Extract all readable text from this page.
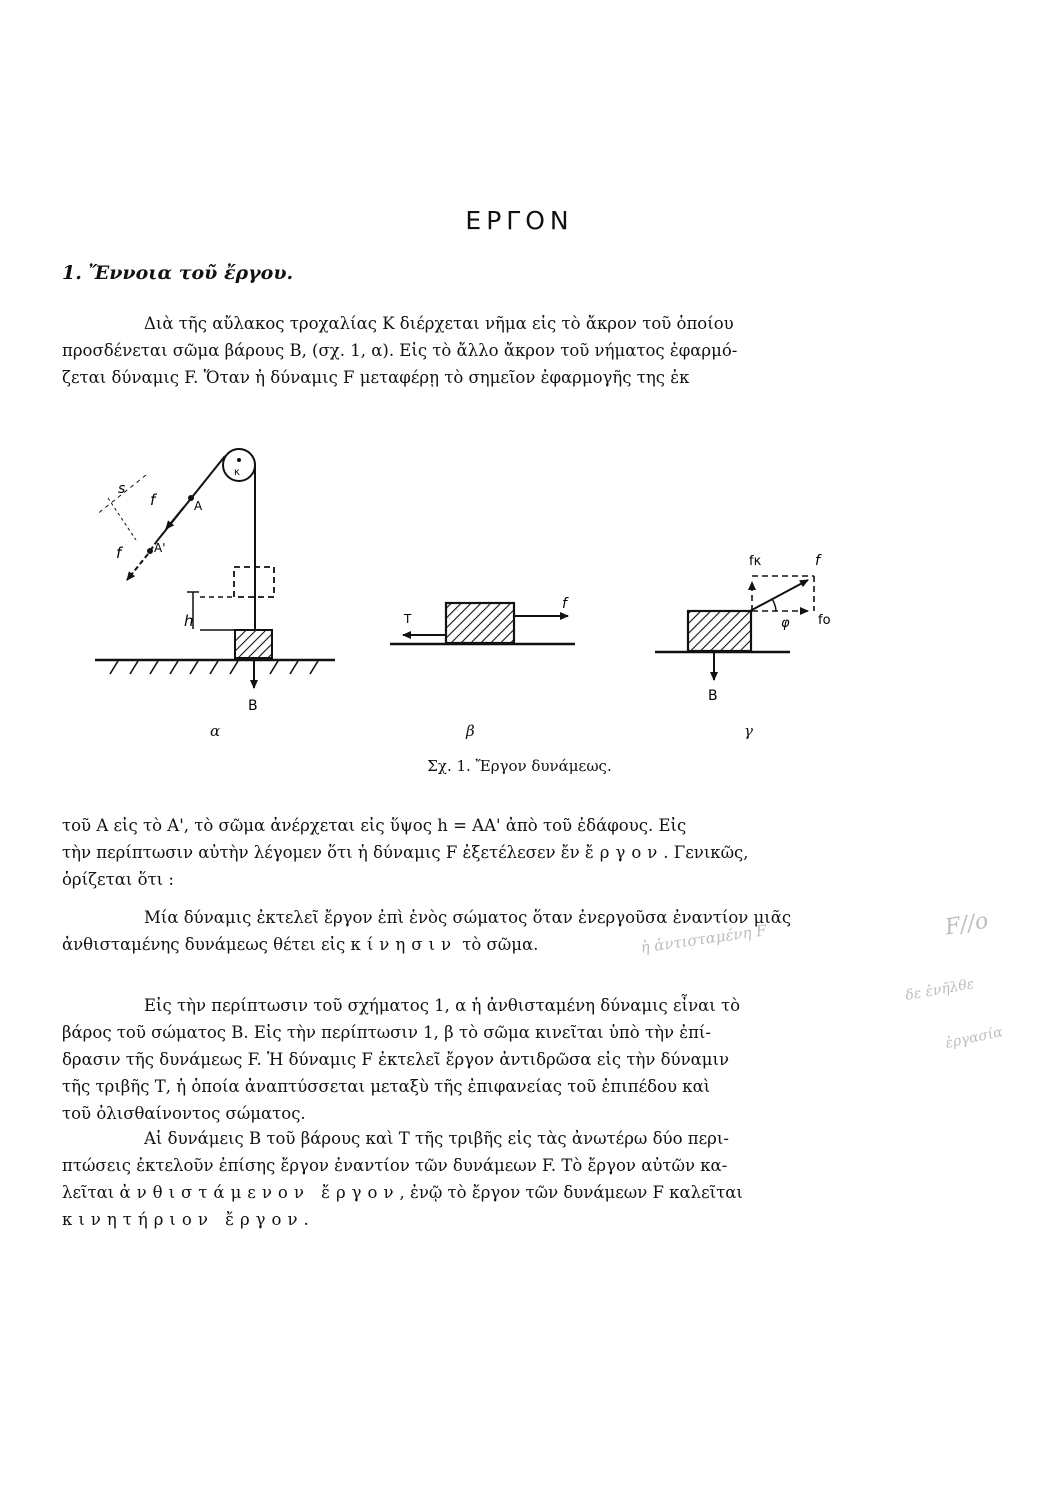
ΕΡΓΟΝ
1. Ἔννοια τοῦ ἔργου.
Διὰ τῆς αὔλακος τροχαλίας Κ διέρχεται νῆμα εἰς τὸ ἄκρον τοῦ ὁποίου
προσδένεται σῶμα βάρους Β, (σχ. 1, α). Εἰς τὸ ἄλλο ἄκρον τοῦ νήματος ἐφαρμό-
ζεται δύναμις F. Ὅταν ἡ δύναμις F μεταφέρῃ τὸ σημεῖον ἐφαρμογῆς της ἐκ
κ
Α
f
Α'
f
s
h
Β
Τ
f
f
fκ
fο
φ
Β
α	β	γ
Σχ. 1. Ἔργον δυνάμεως.
τοῦ Α εἰς τὸ Α', τὸ σῶμα ἀνέρχεται εἰς ὕψος h = ΑΑ' ἀπὸ τοῦ ἐδάφους. Εἰς
τὴν περίπτωσιν αὐτὴν λέγομεν ὅτι ἡ δύναμις F ἐξετέλεσεν ἔν ἔργον. Γενικῶς,
ὁρίζεται ὅτι :
Μία δύναμις ἐκτελεῖ ἔργον ἐπὶ ἑνὸς σώματος ὅταν ἐνεργοῦσα ἐναντίον μιᾶς
ἀνθισταμένης δυνάμεως θέτει εἰς κίνησιν τὸ σῶμα.
Εἰς τὴν περίπτωσιν τοῦ σχήματος 1, α ἡ ἀνθισταμένη δύναμις εἶναι τὸ
βάρος τοῦ σώματος Β. Εἰς τὴν περίπτωσιν 1, β τὸ σῶμα κινεῖται ὑπὸ τὴν ἐπί-
δρασιν τῆς δυνάμεως F. Ἡ δύναμις F ἐκτελεῖ ἔργον ἀντιδρῶσα εἰς τὴν δύναμιν
τῆς τριβῆς Τ, ἡ ὁποία ἀναπτύσσεται μεταξὺ τῆς ἐπιφανείας τοῦ ἐπιπέδου καὶ
τοῦ ὀλισθαίνοντος σώματος.
Αἱ δυνάμεις Β τοῦ βάρους καὶ Τ τῆς τριβῆς εἰς τὰς ἀνωτέρω δύο περι-
πτώσεις ἐκτελοῦν ἐπίσης ἔργον ἐναντίον τῶν δυνάμεων F. Τὸ ἔργον αὐτῶν κα-
λεῖται ἀνθιστάμενον ἔργον, ἐνῷ τὸ ἔργον τῶν δυνάμεων F καλεῖται
κινητήριον ἔργον.
F//o
ἡ ἀντισταμένη F
δε ἐνῆλθε
ἐργασία
